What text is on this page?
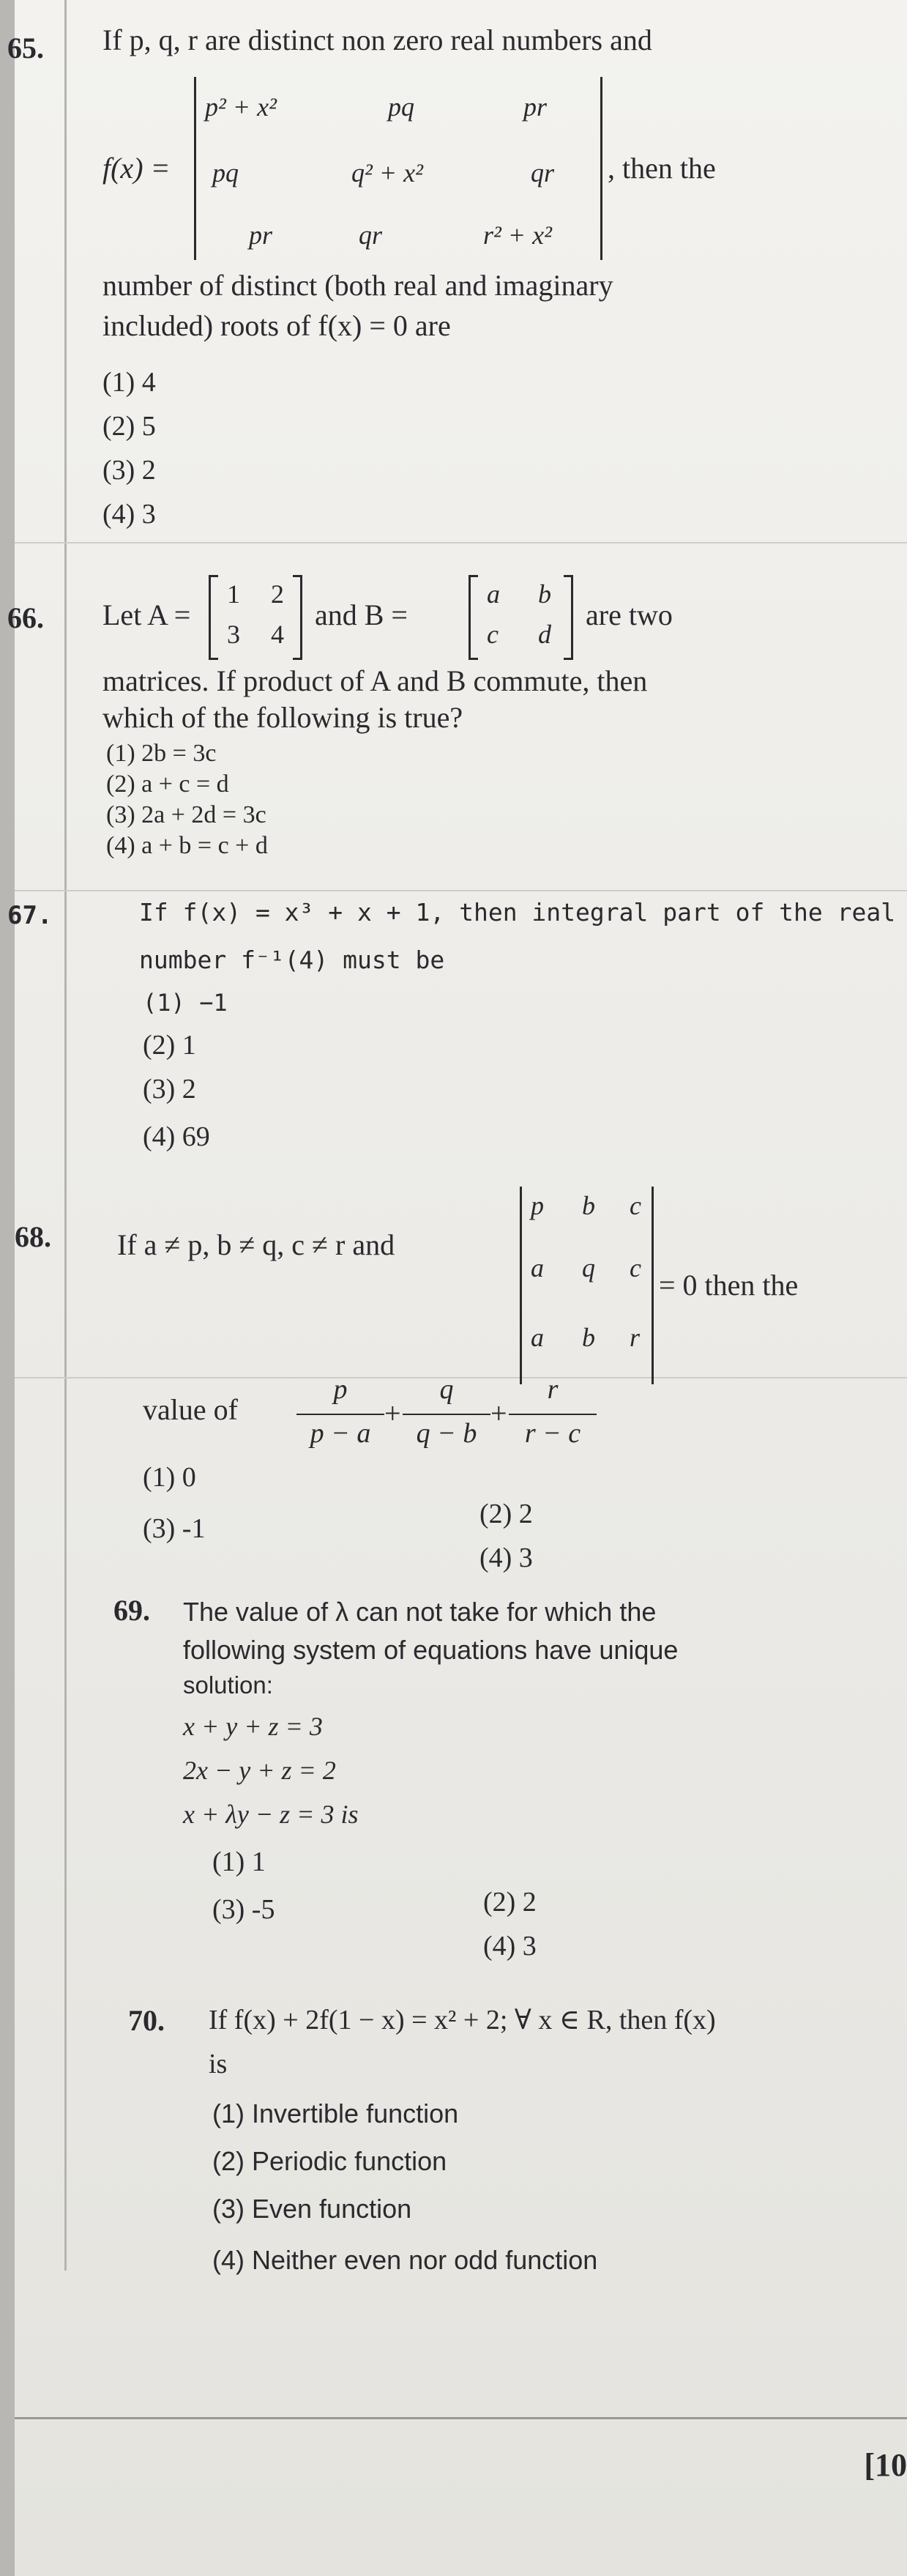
65. If p, q, r are distinct non zero real numbers and
f(x) =
p² + x²	pq	pr
pq	q² + x²	qr
pr	qr	r² + x²
, then the
number of distinct (both real and imaginary
included) roots of f(x) = 0 are
(1) 4
(2) 5
(3) 2
(4) 3
66. Let A =
1 2
3 4
and B =
a b
c d
are two
matrices. If product of A and B commute, then
which of the following is true?
(1) 2b = 3c
(2) a + c = d
(3) 2a + 2d = 3c
(4) a + b = c + d
67.	If f(x) = x³ + x + 1, then integral part of the real
number f⁻¹(4) must be
(1) −1
(2) 1
(3) 2
(4) 69
68. If a ≠ p, b ≠ q, c ≠ r and
p b c
a q c
a b r
= 0 then the
value of
p
p − a
+
q
q − b
+
r
r − c
(1) 0
(2) 2
(3) -1
(4) 3
69. The value of λ can not take for which the
following system of equations have unique
solution:
x + y + z = 3
2x − y + z = 2
x + λy − z = 3 is
(1) 1
(2) 2
(3) -5
(4) 3
70. If f(x) + 2f(1 − x) = x² + 2; ∀ x ∈ R, then f(x)
is
(1) Invertible function
(2) Periodic function
(3) Even function
(4) Neither even nor odd function
[10
